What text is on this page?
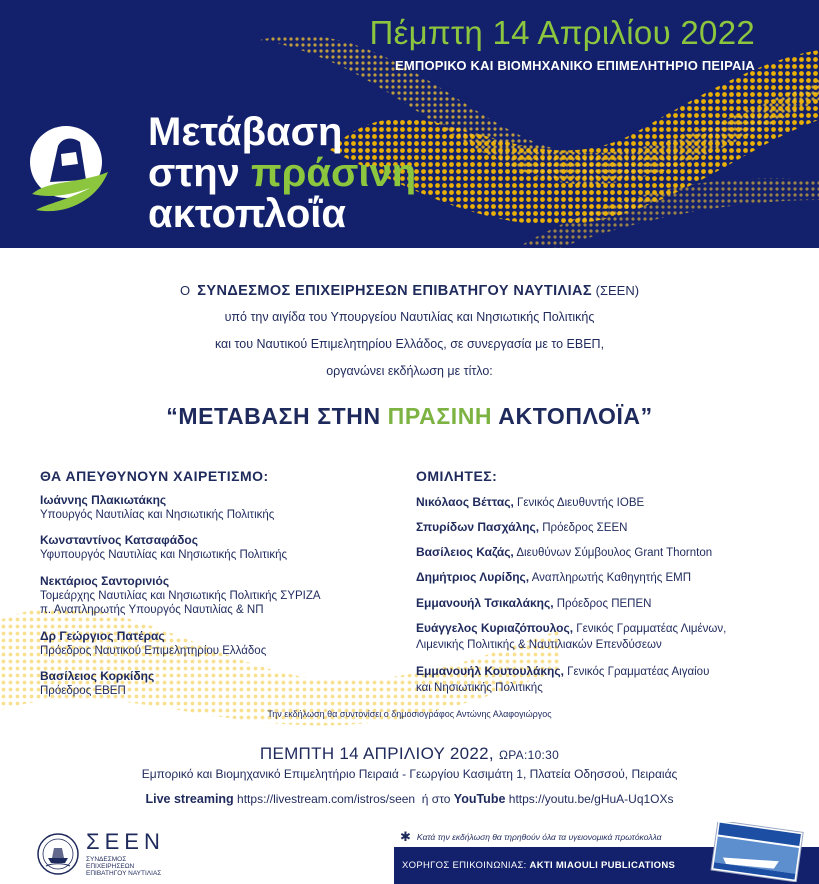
Πέμπτη 14 Απριλίου 2022
ΕΜΠΟΡΙΚΟ ΚΑΙ ΒΙΟΜΗΧΑΝΙΚΟ ΕΠΙΜΕΛΗΤΗΡΙΟ ΠΕΙΡΑΙΑ
Μετάβαση
στην πράσινη
ακτοπλοΐα
Ο ΣΥΝΔΕΣΜΟΣ ΕΠΙΧΕΙΡΗΣΕΩΝ ΕΠΙΒΑΤΗΓΟΥ ΝΑΥΤΙΛΙΑΣ (ΣΕΕΝ)
υπό την αιγίδα του Υπουργείου Ναυτιλίας και Νησιωτικής Πολιτικής
και του Ναυτικού Επιμελητηρίου Ελλάδος, σε συνεργασία με το ΕΒΕΠ,
οργανώνει εκδήλωση με τίτλο:
“ΜΕΤΑΒΑΣΗ ΣΤΗΝ ΠΡΑΣΙΝΗ ΑΚΤΟΠΛΟΪΑ”
ΘΑ ΑΠΕΥΘΥΝΟΥΝ ΧΑΙΡΕΤΙΣΜΟ:
Ιωάννης Πλακιωτάκης
Υπουργός Ναυτιλίας και Νησιωτικής Πολιτικής
Κωνσταντίνος Κατσαφάδος
Υφυπουργός Ναυτιλίας και Νησιωτικής Πολιτικής
Νεκτάριος Σαντορινιός
Τομεάρχης Ναυτιλίας και Νησιωτικής Πολιτικής ΣΥΡΙΖΑ
π. Αναπληρωτής Υπουργός Ναυτιλίας & ΝΠ
Δρ Γεώργιος Πατέρας
Πρόεδρος Ναυτικού Επιμελητηρίου Ελλάδος
Βασίλειος Κορκίδης
Πρόεδρος ΕΒΕΠ
ΟΜΙΛΗΤΕΣ:
Νικόλαος Βέττας, Γενικός Διευθυντής ΙΟΒΕ
Σπυρίδων Πασχάλης, Πρόεδρος ΣΕΕΝ
Βασίλειος Καζάς, Διευθύνων Σύμβουλος Grant Thornton
Δημήτριος Λυρίδης, Αναπληρωτής Καθηγητής ΕΜΠ
Εμμανουήλ Τσικαλάκης, Πρόεδρος ΠΕΠΕΝ
Ευάγγελος Κυριαζόπουλος, Γενικός Γραμματέας Λιμένων,
Λιμενικής Πολιτικής & Ναυτιλιακών Επενδύσεων
Εμμανουήλ Κουτουλάκης, Γενικός Γραμματέας Αιγαίου
και Νησιωτικής Πολιτικής
Την εκδήλωση θα συντονίσει ο δημοσιογράφος Αντώνης Αλαφογιώργος
ΠΕΜΠΤΗ 14 ΑΠΡΙΛΙΟΥ 2022, ΩΡΑ:10:30
Εμπορικό και Βιομηχανικό Επιμελητήριο Πειραιά - Γεωργίου Κασιμάτη 1, Πλατεία Οδησσού, Πειραιάς
Live streaming https://livestream.com/istros/seen ή στο YouTube https://youtu.be/gHuA-Uq1OXs
ΣΕΕΝ
ΣΥΝΔΕΣΜΟΣ ΕΠΙΧΕΙΡΗΣΕΩΝ ΕΠΙΒΑΤΗΓΟΥ ΝΑΥΤΙΛΙΑΣ
✱ Κατά την εκδήλωση θα τηρηθούν όλα τα υγειονομικά πρωτόκολλα
ΧΟΡΗΓΟΣ ΕΠΙΚΟΙΝΩΝΙΑΣ: AKTI MIAOULI PUBLICATIONS
